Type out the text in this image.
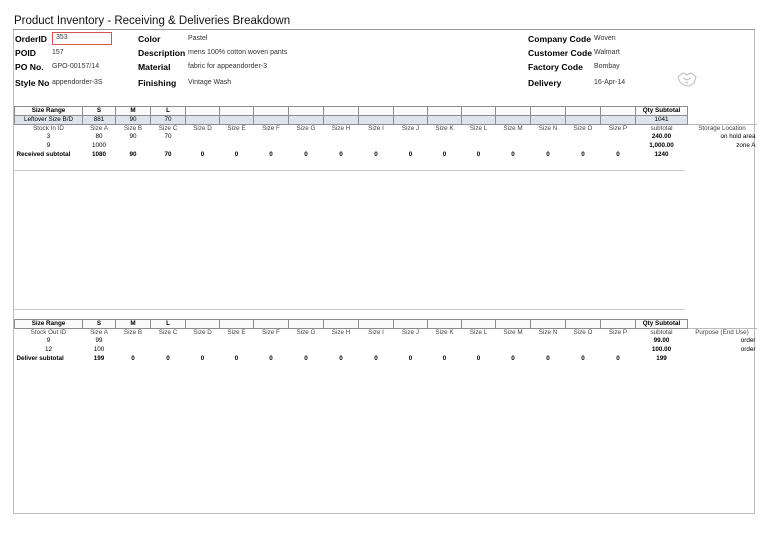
Product Inventory - Receiving & Deliveries Breakdown
OrderID	353
POID 157
PO No. GPO-00157/14
Style No appendorder-3S
Color	Pastel
Description mens 100% cotton woven pants
Material	fabric for appeandorder-3
Finishing Vintage Wash
Company Code Woven
Customer Code Walmart
Factory Code Bombay
Delivery	16-Apr-14
Size Range	S	M	L														Qty Subtotal	
Leftover Size B/D	881	90	70														1041	
Stock In ID	Size A	Size B	Size C	Size D	Size E	Size F	Size G	Size H	Size I	Size J	Size K	Size L	Size M	Size N	Size O	Size P	subtotal	Storage Location
3	80	90	70														240.00	on hold area
9	1000																1,000.00	zone A
Received subtotal	1080	90	70	0	0	0	0	0	0	0	0	0	0	0	0	0	1240	
Size Range	S	M	L														Qty Subtotal	
Stock Out ID	Size A	Size B	Size C	Size D	Size E	Size F	Size G	Size H	Size I	Size J	Size K	Size L	Size M	Size N	Size O	Size P	subtotal	Purpose (End Use)
9	99																99.00	order
12	100																100.00	order
Deliver subtotal	199	0	0	0	0	0	0	0	0	0	0	0	0	0	0	0	199	
